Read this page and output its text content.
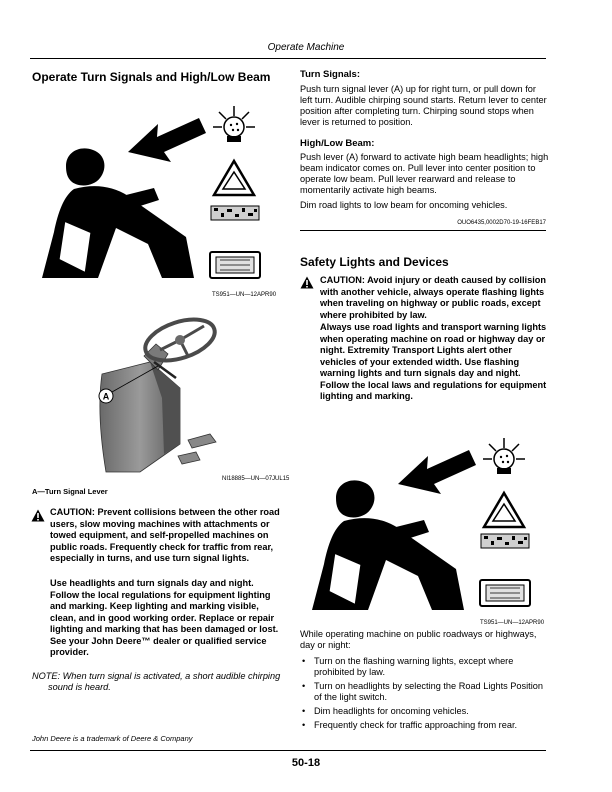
Operate Machine
Operate Turn Signals and High/Low Beam
TS951—UN—12APR90
A
NI18885—UN—07JUL15
A—Turn Signal Lever
CAUTION: Prevent collisions between the other road users, slow moving machines with attachments or towed equipment, and self-propelled machines on public roads. Frequently check for traffic from rear, especially in turns, and use turn signal lights.
Use headlights and turn signals day and night. Follow the local regulations for equipment lighting and marking. Keep lighting and marking visible, clean, and in good working order. Replace or repair lighting and marking that has been damaged or lost. See your John Deere™ dealer or qualified service provider.
NOTE: When turn signal is activated, a short audible chirping sound is heard.
John Deere is a trademark of Deere & Company
Turn Signals:
Push turn signal lever (A) up for right turn, or pull down for left turn. Audible chirping sound starts. Return lever to center position after completing turn. Chirping sound stops when lever is returned to position.
High/Low Beam:
Push lever (A) forward to activate high beam headlights; high beam indicator comes on. Pull lever into center position to operate low beam. Pull lever rearward and release to momentarily activate high beams.
Dim road lights to low beam for oncoming vehicles.
OUO6435,0002D70-19-16FEB17
Safety Lights and Devices
CAUTION: Avoid injury or death caused by collision with another vehicle, always operate flashing lights when traveling on highway or public roads, except where prohibited by law.
Always use road lights and transport warning lights when operating machine on road or highway day or night. Extremity Transport Lights alert other vehicles of your extended width. Use flashing warning lights and turn signals day and night. Follow the local laws and regulations for equipment lighting and marking.
TS951—UN—12APR90
While operating machine on public roadways or highways, day or night:
• Turn on the flashing warning lights, except where prohibited by law.
• Turn on headlights by selecting the Road Lights Position of the light switch.
• Dim headlights for oncoming vehicles.
• Frequently check for traffic approaching from rear.
50-18
